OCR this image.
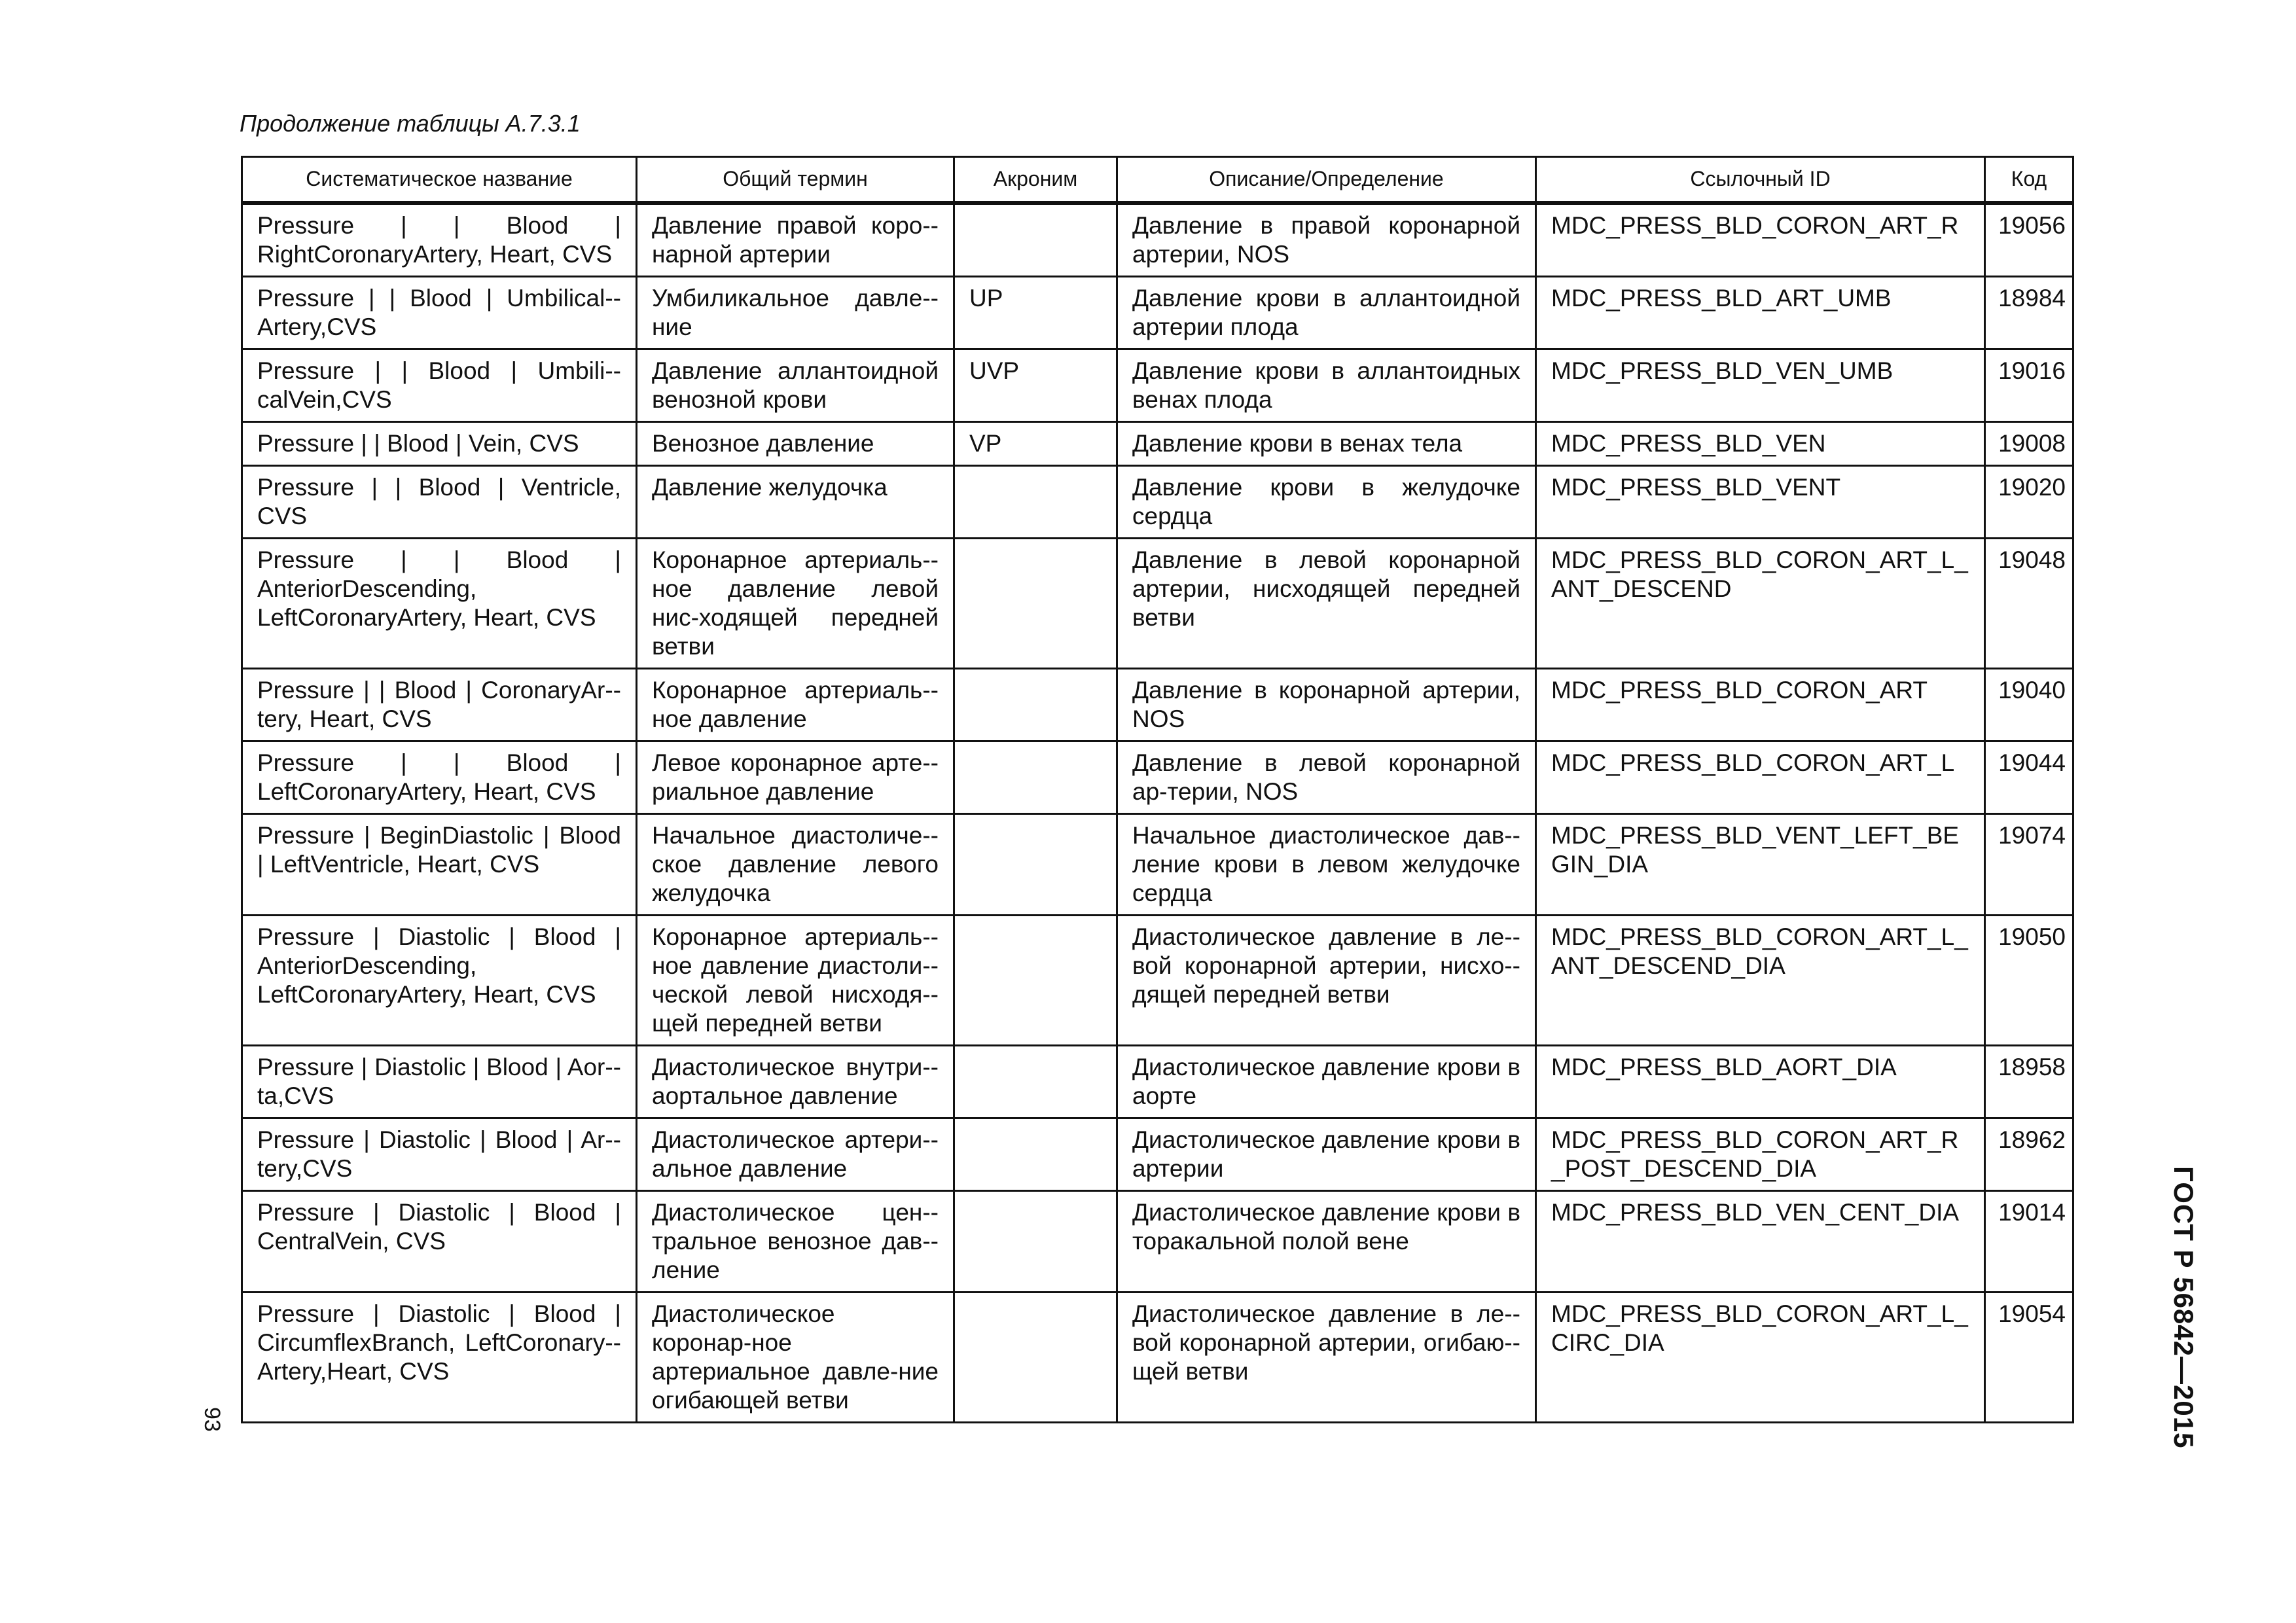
Продолжение таблицы А.7.3.1
Систематическое название	Общий термин	Акроним	Описание/Определение	Ссылочный ID	Код
Pressure | | Blood | RightCoronaryArtery, Heart, CVS	Давление правой коро-нарной артерии		Давление в правой коронарной артерии, NOS	MDC_PRESS_BLD_CORON_​ART_R	19056
Pressure | | Blood | Umbilical-Artery,CVS	Умбиликальное давле-ние	UP	Давление крови в аллантоидной артерии плода	MDC_PRESS_BLD_ART_UMB	18984
Pressure | | Blood | Umbili-calVein,CVS	Давление аллантоидной венозной крови	UVP	Давление крови в аллантоидных венах плода	MDC_PRESS_BLD_VEN_UMB	19016
Pressure | | Blood | Vein, CVS	Венозное давление	VP	Давление крови в венах тела	MDC_PRESS_BLD_VEN	19008
Pressure | | Blood | Ventricle, CVS	Давление желудочка		Давление крови в желудочке сердца	MDC_PRESS_BLD_VENT	19020
Pressure | | Blood | AnteriorDescending, LeftCoronaryArtery, Heart, CVS	Коронарное артериаль-ное давление левой нис-ходящей передней ветви		Давление в левой коронарной артерии, нисходящей передней ветви	MDC_PRESS_BLD_CORON_​ART_L_ANT_DESCEND	19048
Pressure | | Blood | CoronaryAr-tery, Heart, CVS	Коронарное артериаль-ное давление		Давление в коронарной артерии, NOS	MDC_PRESS_BLD_CORON_ART	19040
Pressure | | Blood | LeftCoronaryArtery, Heart, CVS	Левое коронарное арте-риальное давление		Давление в левой коронарной ар-терии, NOS	MDC_PRESS_BLD_CORON_​ART_L	19044
Pressure | BeginDiastolic | Blood | LeftVentricle, Heart, CVS	Начальное диастоличе-ское давление левого желудочка		Начальное диастолическое дав-ление крови в левом желудочке сердца	MDC_PRESS_BLD_VENT_LEFT_​BEGIN_DIA	19074
Pressure | Diastolic | Blood | AnteriorDescending, LeftCoronaryArtery, Heart, CVS	Коронарное артериаль-ное давление диастоли-ческой левой нисходя-щей передней ветви		Диастолическое давление в ле-вой коронарной артерии, нисхо-дящей передней ветви	MDC_PRESS_BLD_CORON_​ART_L_ANT_DESCEND_DIA	19050
Pressure | Diastolic | Blood | Aor-ta,CVS	Диастолическое внутри-аортальное давление		Диастолическое давление крови в аорте	MDC_PRESS_BLD_AORT_DIA	18958
Pressure | Diastolic | Blood | Ar-tery,CVS	Диастолическое артери-альное давление		Диастолическое давление крови в артерии	MDC_PRESS_BLD_CORON_​ART_R_POST_DESCEND_DIA	18962
Pressure | Diastolic | Blood | CentralVein, CVS	Диастолическое цен-тральное венозное дав-ление		Диастолическое давление крови в торакальной полой вене	MDC_PRESS_BLD_VEN_CENT_​DIA	19014
Pressure | Diastolic | Blood | CircumflexBranch, LeftCoronary-Artery,Heart, CVS	Диастолическое коронар-ное артериальное давле-ние огибающей ветви		Диастолическое давление в ле-вой коронарной артерии, огибаю-щей ветви	MDC_PRESS_BLD_CORON_​ART_L_CIRC_DIA	19054	ГОСТ Р 56842—2015
93
